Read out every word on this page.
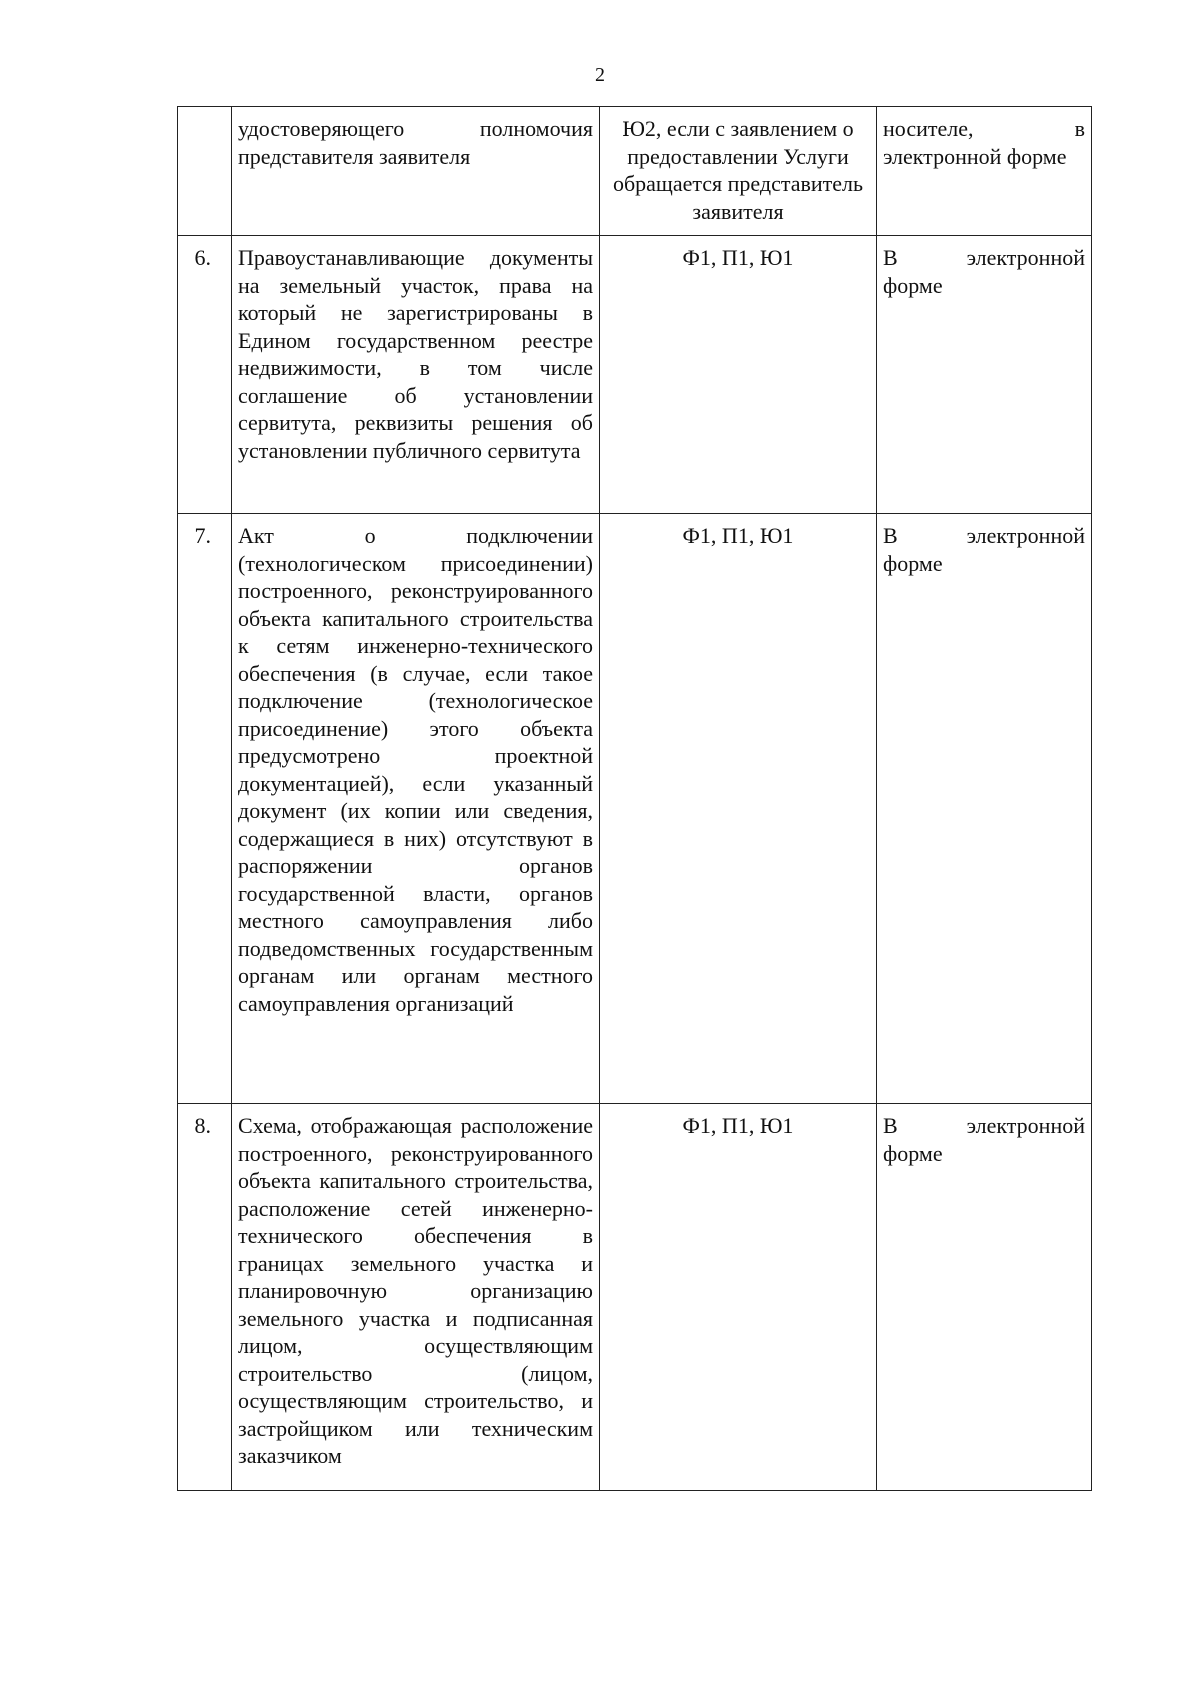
2
	удостоверяющего полномочия представителя заявителя	Ю2, если с заявлением о предоставлении Услуги обращается представитель заявителя	носителе, в электронной форме
6.	Правоустанавливающие документы на земельный участок, права на который не зарегистрированы в Едином государственном реестре недвижимости, в том числе соглашение об установлении сервитута, реквизиты решения об установлении публичного сервитута	Ф1, П1, Ю1	В электронной форме
7.	Акт о подключении (технологическом присоединении) построенного, реконструированного объекта капитального строительства к сетям инженерно-технического обеспечения (в случае, если такое подключение (технологическое присоединение) этого объекта предусмотрено проектной документацией), если указанный документ (их копии или сведения, содержащиеся в них) отсутствуют в распоряжении органов государственной власти, органов местного самоуправления либо подведомственных государственным органам или органам местного самоуправления организаций	Ф1, П1, Ю1	В электронной форме
8.	Схема, отображающая расположение построенного, реконструированного объекта капитального строительства, расположение сетей инженерно-технического обеспечения в границах земельного участка и планировочную организацию земельного участка и подписанная лицом, осуществляющим строительство (лицом, осуществляющим строительство, и застройщиком или техническим заказчиком	Ф1, П1, Ю1	В электронной форме
